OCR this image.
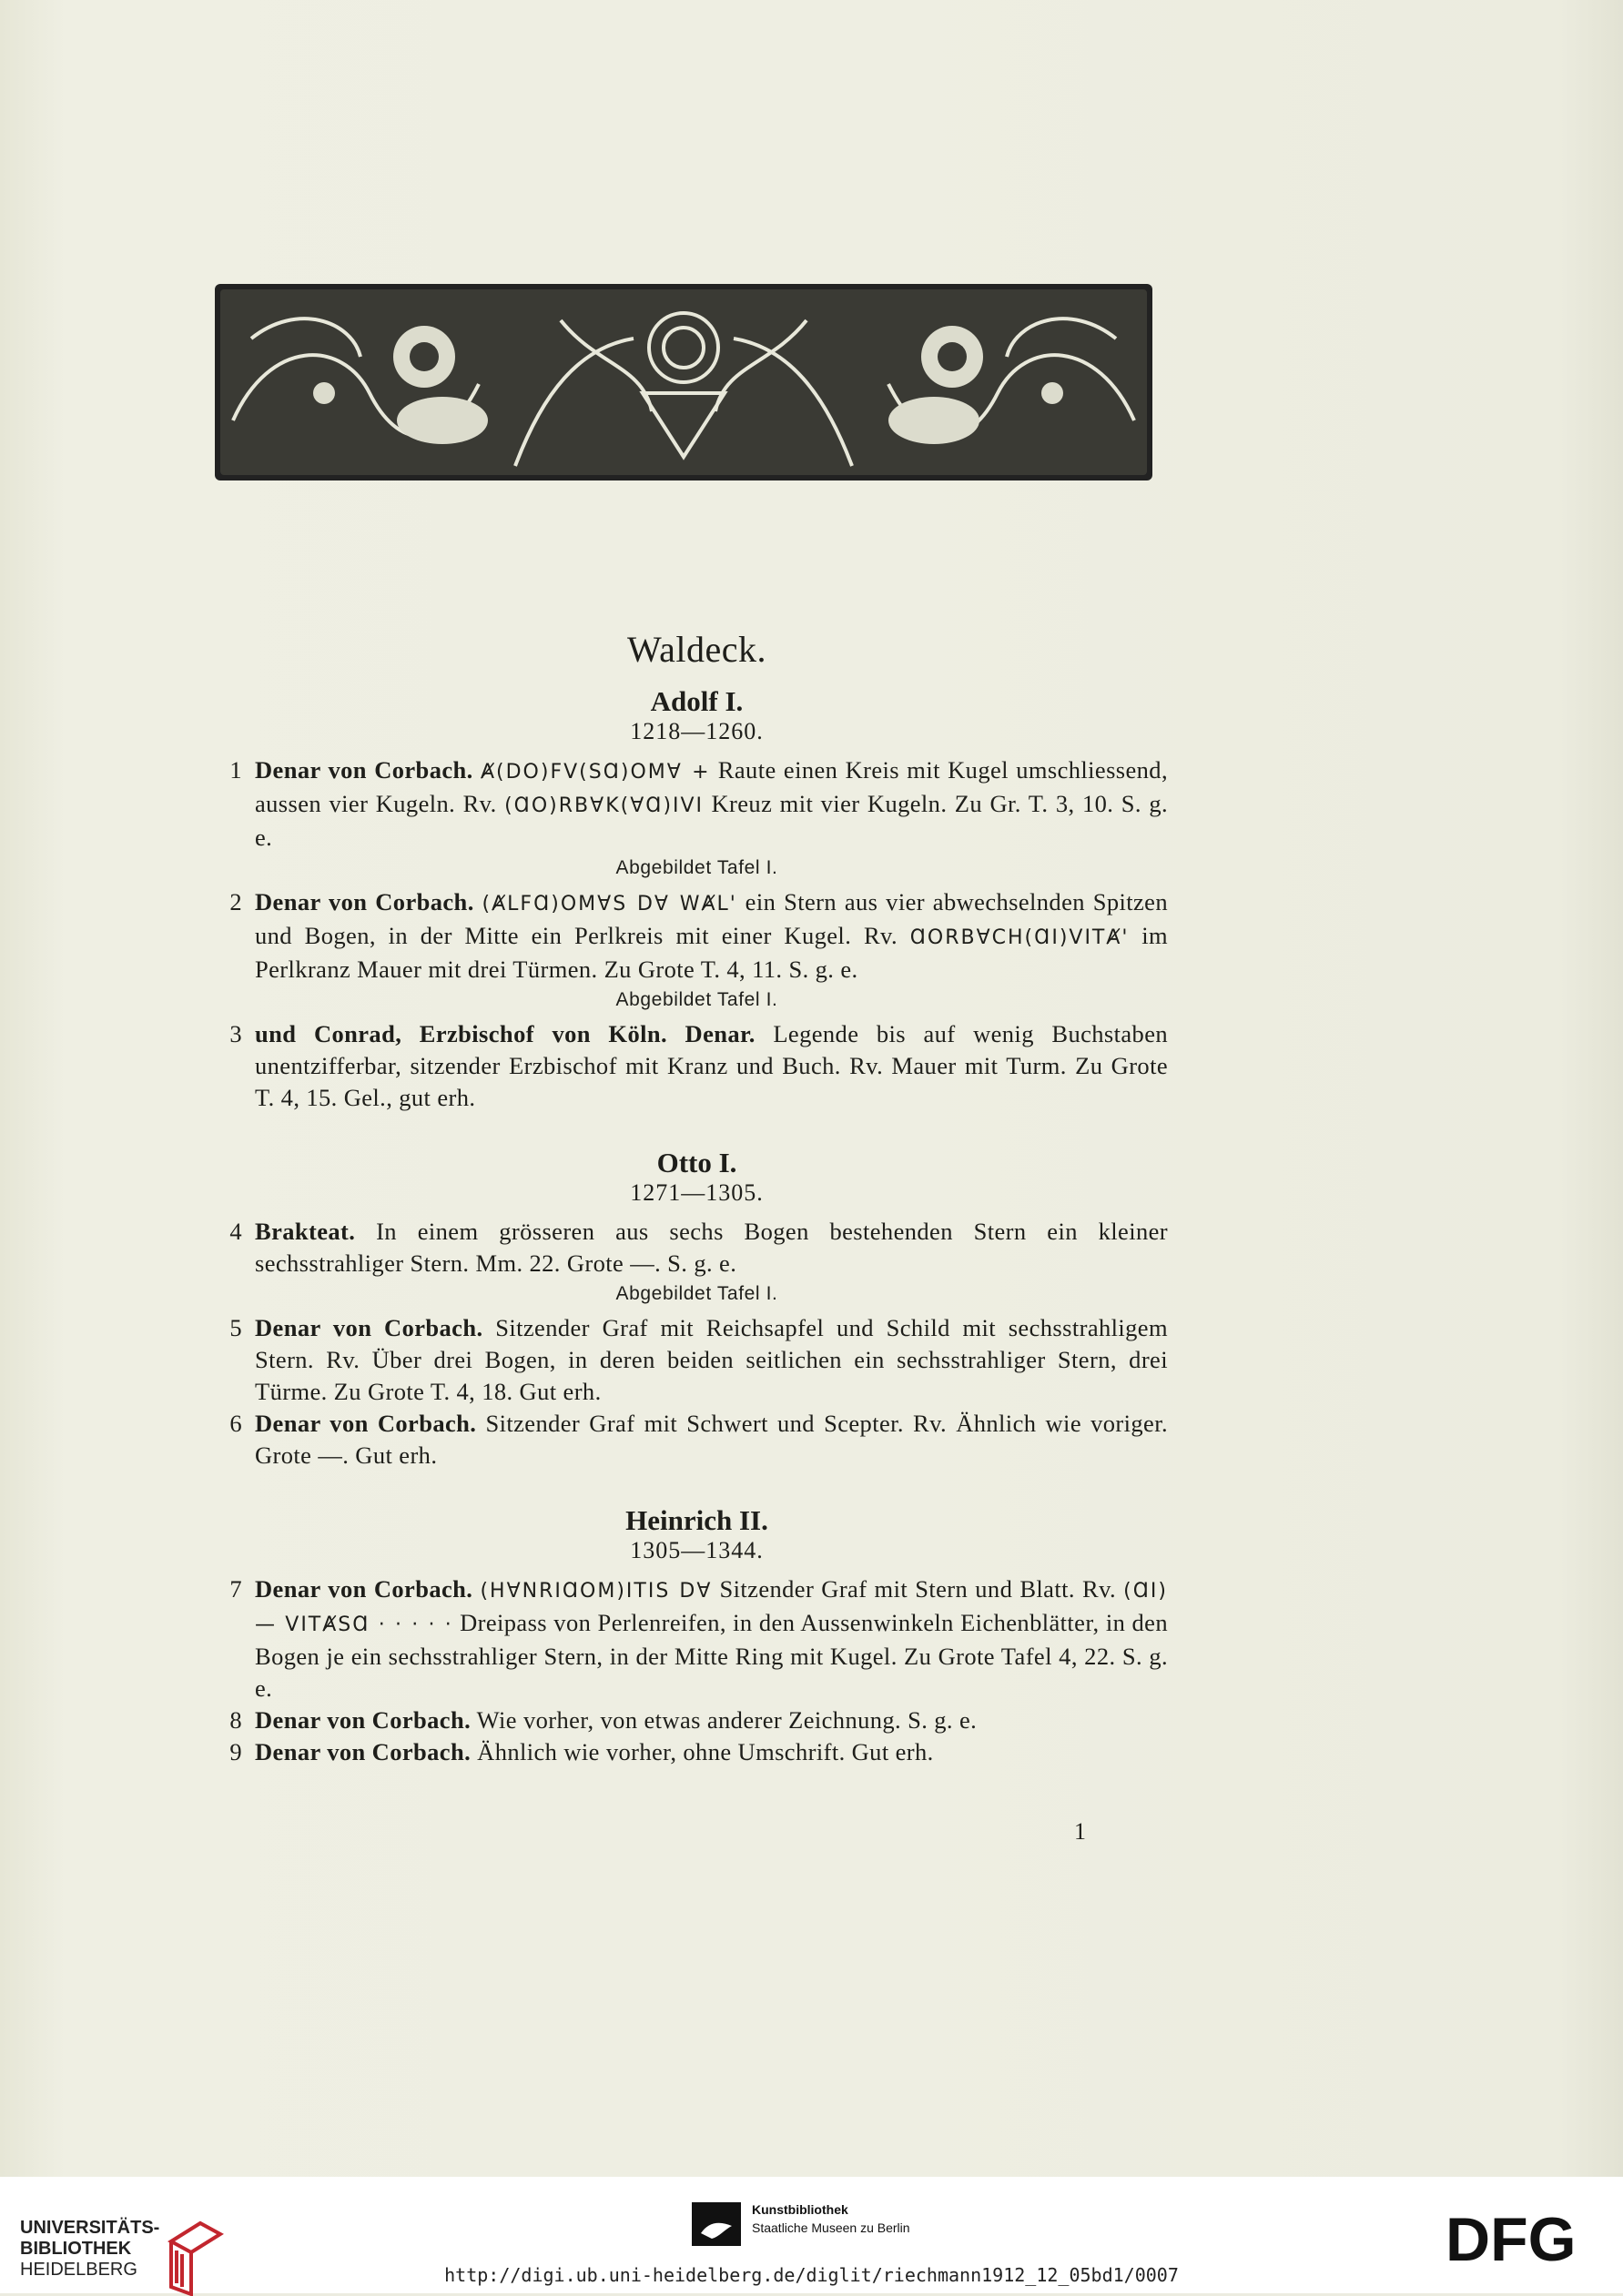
Waldeck.
Adolf I.
1218—1260.
1 Denar von Corbach. Ⱥ(DO)FV(SⱭ)OMⱯ + Raute einen Kreis mit Kugel umschliessend, aussen vier Kugeln. Rv. (ⱭO)RBⱯK(ⱯⱭ)IVI Kreuz mit vier Kugeln. Zu Gr. T. 3, 10. S. g. e.
Abgebildet Tafel I.
2 Denar von Corbach. (ȺLFⱭ)OMⱯS DⱯ WȺL' ein Stern aus vier abwechselnden Spitzen und Bogen, in der Mitte ein Perlkreis mit einer Kugel. Rv. ⱭORBⱯCH(ⱭI)VITȺ' im Perlkranz Mauer mit drei Türmen. Zu Grote T. 4, 11. S. g. e.
Abgebildet Tafel I.
3 und Conrad, Erzbischof von Köln. Denar. Legende bis auf wenig Buchstaben unentzifferbar, sitzender Erzbischof mit Kranz und Buch. Rv. Mauer mit Turm. Zu Grote T. 4, 15. Gel., gut erh.
Otto I.
1271—1305.
4 Brakteat. In einem grösseren aus sechs Bogen bestehenden Stern ein kleiner sechsstrahliger Stern. Mm. 22. Grote —. S. g. e.
Abgebildet Tafel I.
5 Denar von Corbach. Sitzender Graf mit Reichsapfel und Schild mit sechsstrahligem Stern. Rv. Über drei Bogen, in deren beiden seitlichen ein sechsstrahliger Stern, drei Türme. Zu Grote T. 4, 18. Gut erh.
6 Denar von Corbach. Sitzender Graf mit Schwert und Scepter. Rv. Ähnlich wie voriger. Grote —. Gut erh.
Heinrich II.
1305—1344.
7 Denar von Corbach. (HⱯNRIⱭOM)ITIS DⱯ Sitzender Graf mit Stern und Blatt. Rv. (ⱭI) — VITȺSⱭ · · · · · Dreipass von Perlenreifen, in den Aussenwinkeln Eichenblätter, in den Bogen je ein sechsstrahliger Stern, in der Mitte Ring mit Kugel. Zu Grote Tafel 4, 22. S. g. e.
8 Denar von Corbach. Wie vorher, von etwas anderer Zeichnung. S. g. e.
9 Denar von Corbach. Ähnlich wie vorher, ohne Umschrift. Gut erh.
1
UNIVERSITÄTS-
BIBLIOTHEK
HEIDELBERG
Kunstbibliothek
Staatliche Museen zu Berlin	DFG
http://digi.ub.uni-heidelberg.de/diglit/riechmann1912_12_05bd1/0007
